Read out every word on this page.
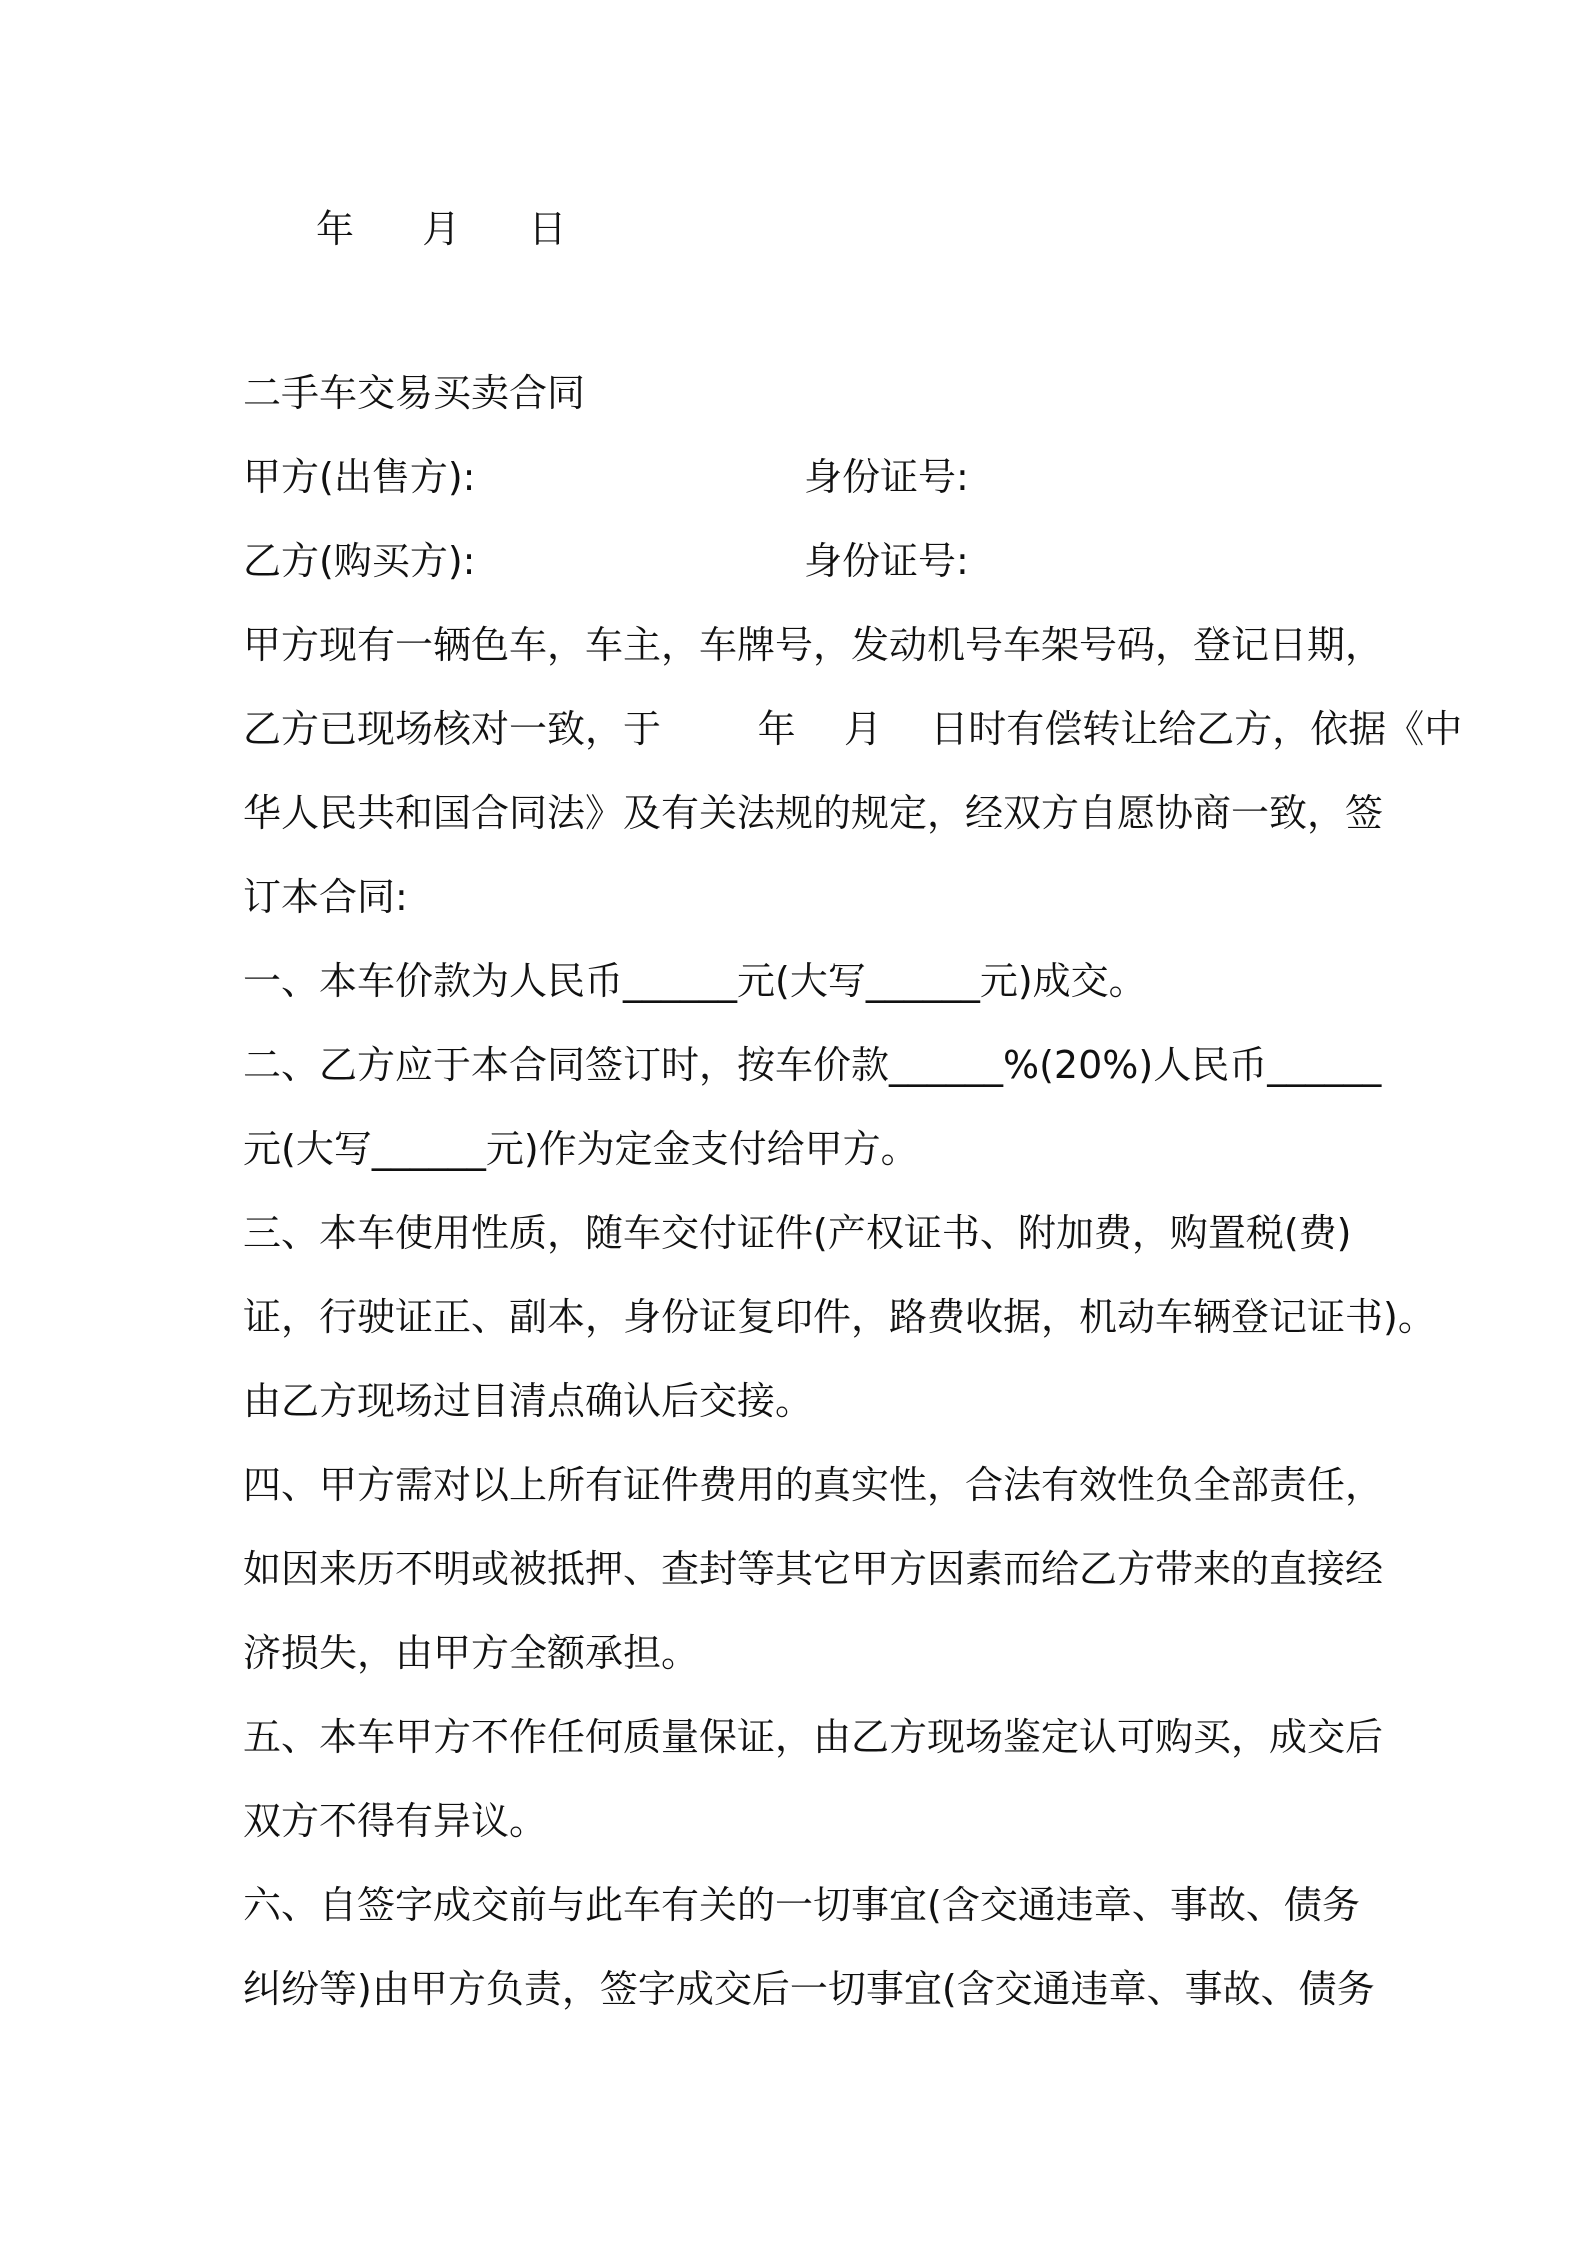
年   月   日
二手车交易买卖合同
甲方(出售方):	身份证号:
乙方(购买方):	身份证号:
甲方现有一辆色车，车主，车牌号，发动机号车架号码，登记日期，
乙方已现场核对一致，于        年    月    日时有偿转让给乙方，依据《中
华人民共和国合同法》及有关法规的规定，经双方自愿协商一致，签
订本合同:
一、本车价款为人民币______元(大写______元)成交。
二、乙方应于本合同签订时，按车价款______%(20%)人民币______
元(大写______元)作为定金支付给甲方。
三、本车使用性质，随车交付证件(产权证书、附加费，购置税(费)
证，行驶证正、副本，身份证复印件，路费收据，机动车辆登记证书)。
由乙方现场过目清点确认后交接。
四、甲方需对以上所有证件费用的真实性，合法有效性负全部责任，
如因来历不明或被抵押、查封等其它甲方因素而给乙方带来的直接经
济损失，由甲方全额承担。
五、本车甲方不作任何质量保证，由乙方现场鉴定认可购买，成交后
双方不得有异议。
六、自签字成交前与此车有关的一切事宜(含交通违章、事故、债务
纠纷等)由甲方负责，签字成交后一切事宜(含交通违章、事故、债务
